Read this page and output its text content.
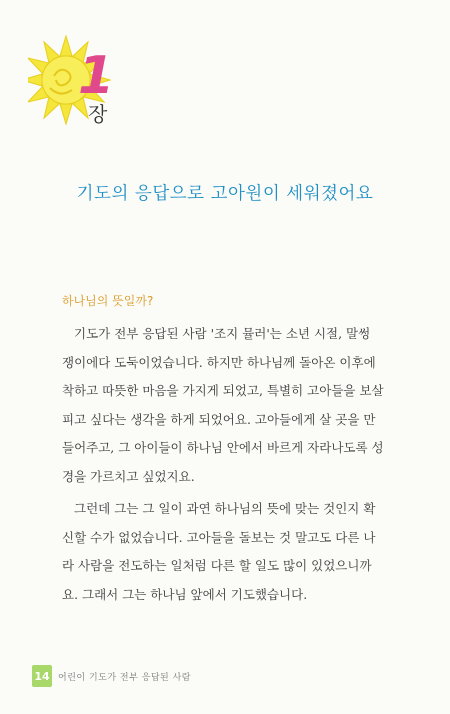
1
장
기도의 응답으로 고아원이 세워졌어요
하나님의 뜻일까?

기도가 전부 응답된 사람 '조지 뮬러'는 소년 시절, 말썽
쟁이에다 도둑이었습니다. 하지만 하나님께 돌아온 이후에
착하고 따뜻한 마음을 가지게 되었고, 특별히 고아들을 보살
피고 싶다는 생각을 하게 되었어요. 고아들에게 살 곳을 만
들어주고, 그 아이들이 하나님 안에서 바르게 자라나도록 성
경을 가르치고 싶었지요.

그런데 그는 그 일이 과연 하나님의 뜻에 맞는 것인지 확
신할 수가 없었습니다. 고아들을 돌보는 것 말고도 다른 나
라 사람을 전도하는 일처럼 다른 할 일도 많이 있었으니까
요. 그래서 그는 하나님 앞에서 기도했습니다.

14 어린이 기도가 전부 응답된 사람
